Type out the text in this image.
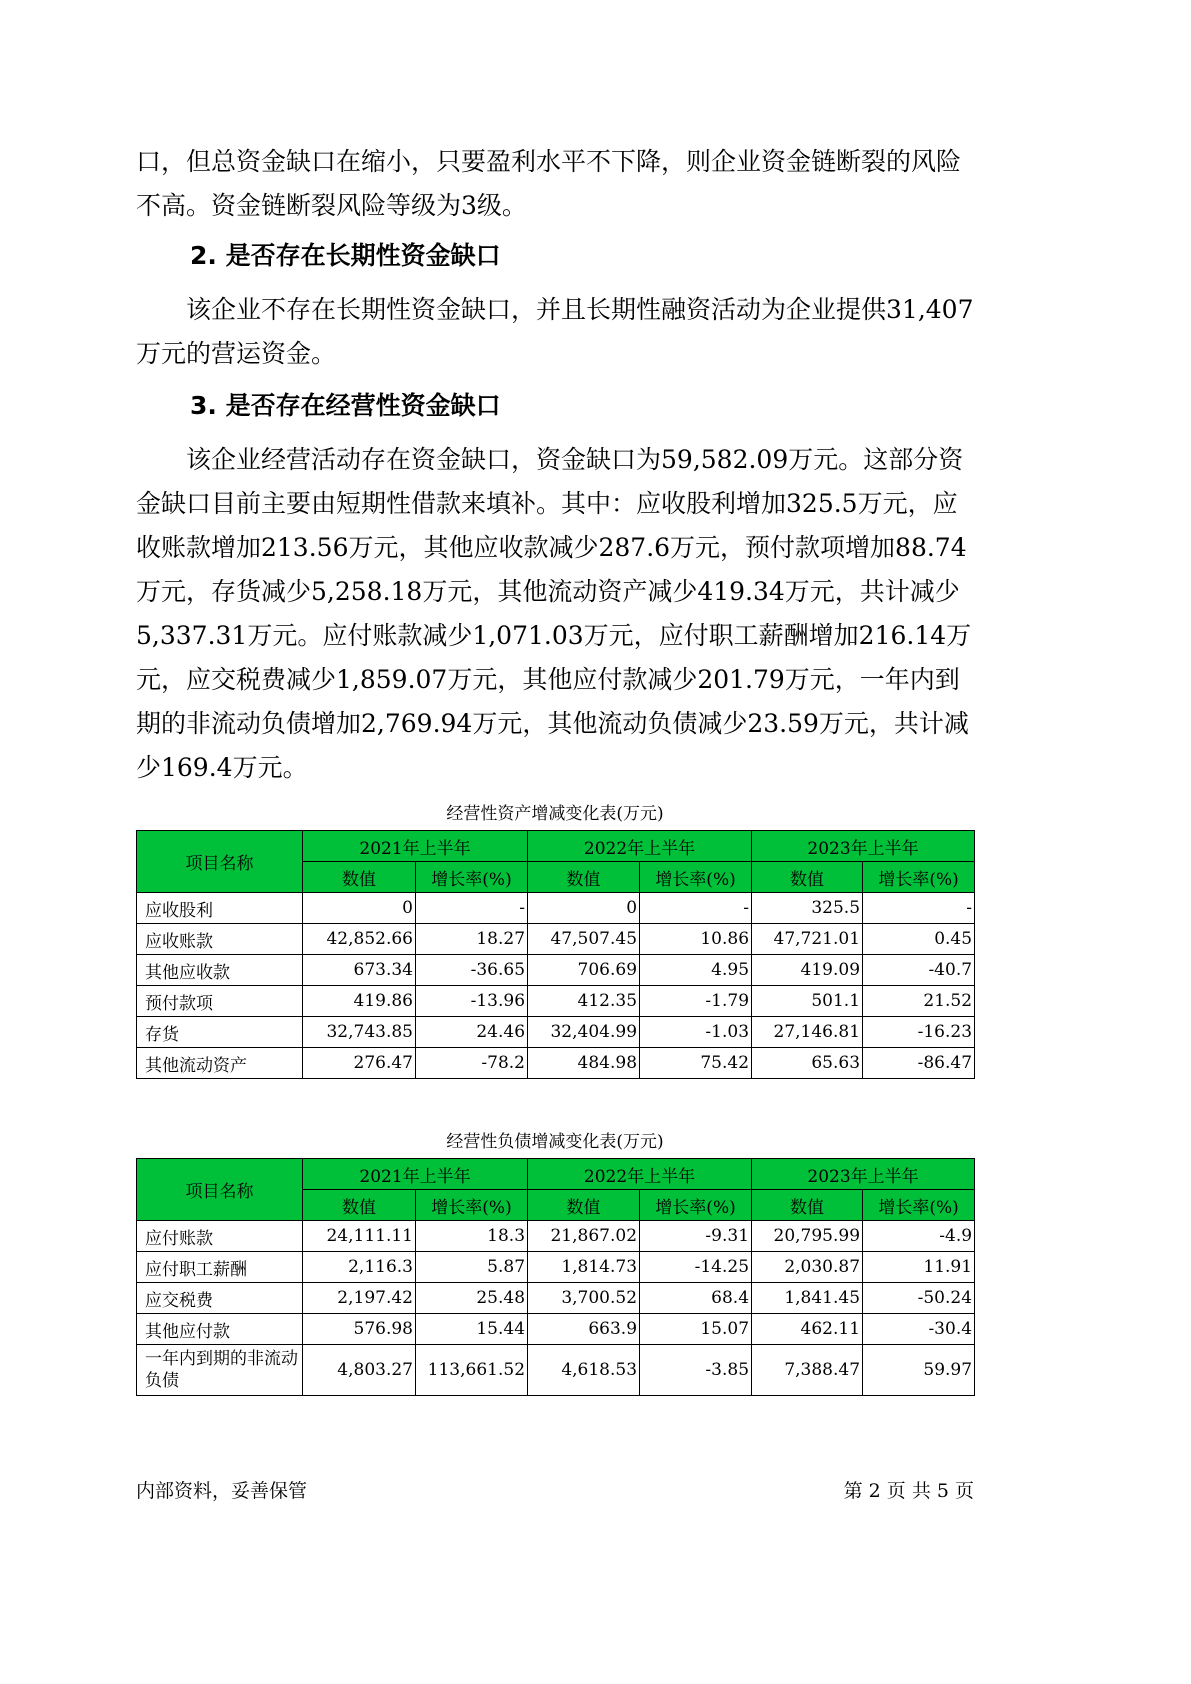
口，但总资金缺口在缩小，只要盈利水平不下降，则企业资金链断裂的风险不高。资金链断裂风险等级为3级。

2. 是否存在长期性资金缺口

该企业不存在长期性资金缺口，并且长期性融资活动为企业提供31,407万元的营运资金。

3. 是否存在经营性资金缺口

该企业经营活动存在资金缺口，资金缺口为59,582.09万元。这部分资金缺口目前主要由短期性借款来填补。其中：应收股利增加325.5万元，应收账款增加213.56万元，其他应收款减少287.6万元，预付款项增加88.74万元，存货减少5,258.18万元，其他流动资产减少419.34万元，共计减少5,337.31万元。应付账款减少1,071.03万元，应付职工薪酬增加216.14万元，应交税费减少1,859.07万元，其他应付款减少201.79万元，一年内到期的非流动负债增加2,769.94万元，其他流动负债减少23.59万元，共计减少169.4万元。

经营性资产增减变化表(万元)
项目名称	2021年上半年		2022年上半年		2023年上半年	
	数值	增长率(%)	数值	增长率(%)	数值	增长率(%)
应收股利	0	-	0	-	325.5	-
应收账款	42,852.66	18.27	47,507.45	10.86	47,721.01	0.45
其他应收款	673.34	-36.65	706.69	4.95	419.09	-40.7
预付款项	419.86	-13.96	412.35	-1.79	501.1	21.52
存货	32,743.85	24.46	32,404.99	-1.03	27,146.81	-16.23
其他流动资产	276.47	-78.2	484.98	75.42	65.63	-86.47
经营性负债增减变化表(万元)
项目名称	2021年上半年		2022年上半年		2023年上半年	
	数值	增长率(%)	数值	增长率(%)	数值	增长率(%)
应付账款	24,111.11	18.3	21,867.02	-9.31	20,795.99	-4.9
应付职工薪酬	2,116.3	5.87	1,814.73	-14.25	2,030.87	11.91
应交税费	2,197.42	25.48	3,700.52	68.4	1,841.45	-50.24
其他应付款	576.98	15.44	663.9	15.07	462.11	-30.4
一年内到期的非流动负债	4,803.27	113,661.52	4,618.53	-3.85	7,388.47	59.97
内部资料，妥善保管	第 2 页 共 5 页
